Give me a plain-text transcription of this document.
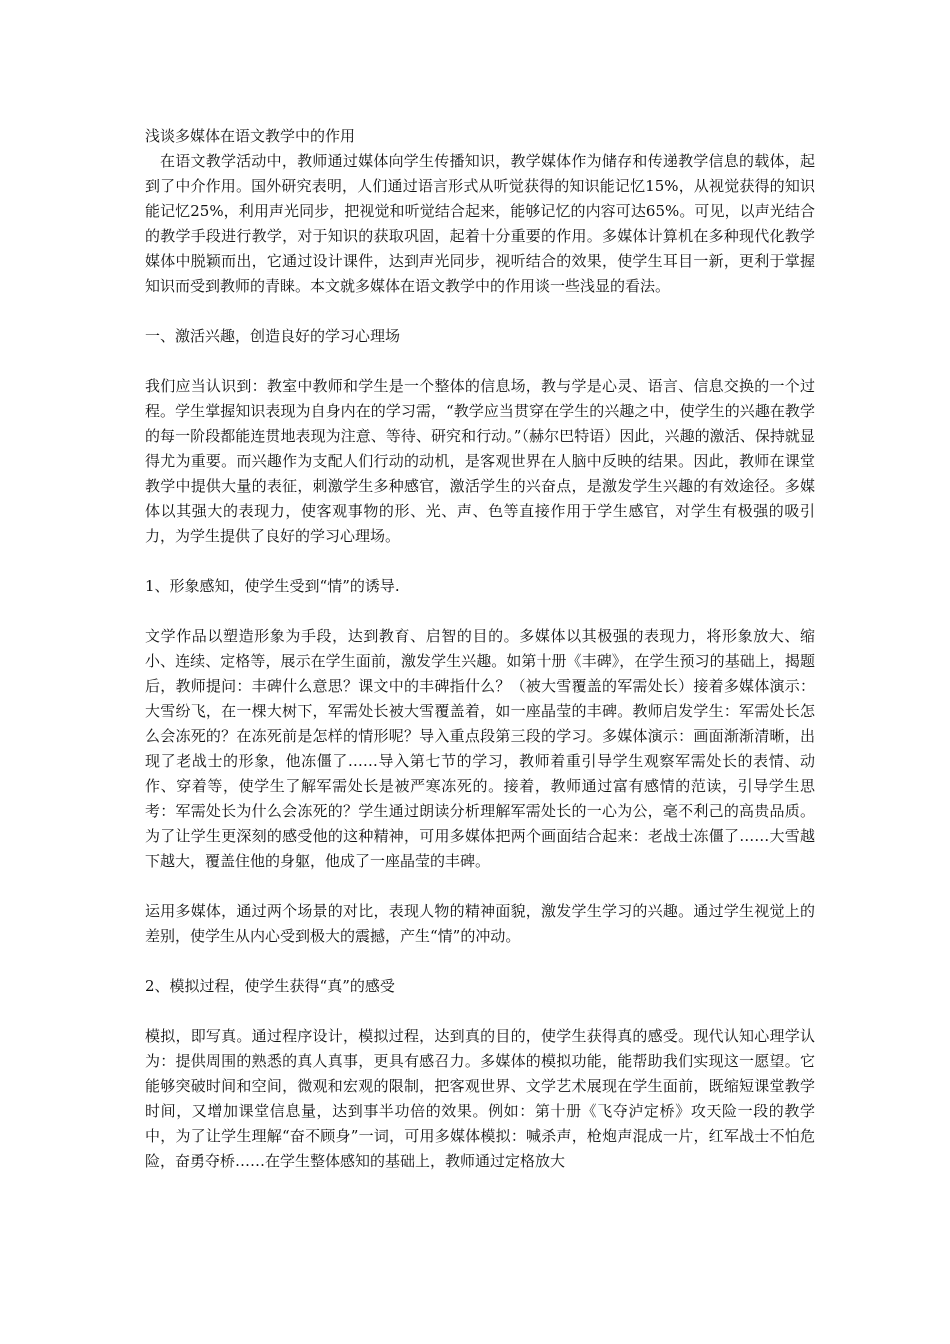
浅谈多媒体在语文教学中的作用

在语文教学活动中，教师通过媒体向学生传播知识，教学媒体作为储存和传递教学信息的载体，起到了中介作用。国外研究表明，人们通过语言形式从听觉获得的知识能记忆15%，从视觉获得的知识能记忆25%，利用声光同步，把视觉和听觉结合起来，能够记忆的内容可达65%。可见，以声光结合的教学手段进行教学，对于知识的获取巩固，起着十分重要的作用。多媒体计算机在多种现代化教学媒体中脱颖而出，它通过设计课件，达到声光同步，视听结合的效果，使学生耳目一新，更利于掌握知识而受到教师的青睐。本文就多媒体在语文教学中的作用谈一些浅显的看法。

一、激活兴趣，创造良好的学习心理场

我们应当认识到：教室中教师和学生是一个整体的信息场，教与学是心灵、语言、信息交换的一个过程。学生掌握知识表现为自身内在的学习需，“教学应当贯穿在学生的兴趣之中，使学生的兴趣在教学的每一阶段都能连贯地表现为注意、等待、研究和行动。”（赫尔巴特语）因此，兴趣的激活、保持就显得尤为重要。而兴趣作为支配人们行动的动机，是客观世界在人脑中反映的结果。因此，教师在课堂教学中提供大量的表征，刺激学生多种感官，激活学生的兴奋点，是激发学生兴趣的有效途径。多媒体以其强大的表现力，使客观事物的形、光、声、色等直接作用于学生感官，对学生有极强的吸引力，为学生提供了良好的学习心理场。

1、形象感知，使学生受到“情”的诱导.

文学作品以塑造形象为手段，达到教育、启智的目的。多媒体以其极强的表现力，将形象放大、缩小、连续、定格等，展示在学生面前，激发学生兴趣。如第十册《丰碑》，在学生预习的基础上，揭题后，教师提问：丰碑什么意思？课文中的丰碑指什么？（被大雪覆盖的军需处长）接着多媒体演示：大雪纷飞，在一棵大树下，军需处长被大雪覆盖着，如一座晶莹的丰碑。教师启发学生：军需处长怎么会冻死的？在冻死前是怎样的情形呢？导入重点段第三段的学习。多媒体演示：画面渐渐清晰，出现了老战士的形象，他冻僵了……导入第七节的学习，教师着重引导学生观察军需处长的表情、动作、穿着等，使学生了解军需处长是被严寒冻死的。接着，教师通过富有感情的范读，引导学生思考：军需处长为什么会冻死的？学生通过朗读分析理解军需处长的一心为公，毫不利己的高贵品质。为了让学生更深刻的感受他的这种精神，可用多媒体把两个画面结合起来：老战士冻僵了……大雪越下越大，覆盖住他的身躯，他成了一座晶莹的丰碑。

运用多媒体，通过两个场景的对比，表现人物的精神面貌，激发学生学习的兴趣。通过学生视觉上的差别，使学生从内心受到极大的震撼，产生“情”的冲动。

2、模拟过程，使学生获得“真”的感受

模拟，即写真。通过程序设计，模拟过程，达到真的目的，使学生获得真的感受。现代认知心理学认为：提供周围的熟悉的真人真事，更具有感召力。多媒体的模拟功能，能帮助我们实现这一愿望。它能够突破时间和空间，微观和宏观的限制，把客观世界、文学艺术展现在学生面前，既缩短课堂教学时间，又增加课堂信息量，达到事半功倍的效果。例如：第十册《飞夺泸定桥》攻天险一段的教学中，为了让学生理解“奋不顾身”一词，可用多媒体模拟：喊杀声，枪炮声混成一片，红军战士不怕危险，奋勇夺桥……在学生整体感知的基础上，教师通过定格放大
